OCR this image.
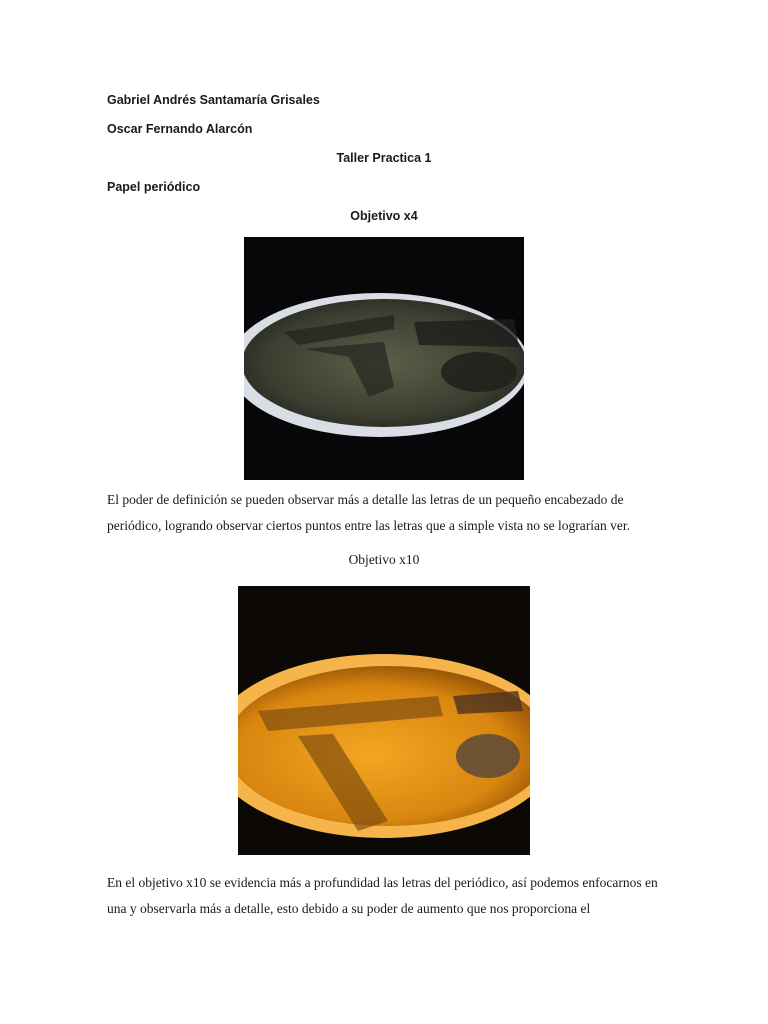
Gabriel Andrés Santamaría Grisales
Oscar Fernando Alarcón
Taller Practica 1
Papel periódico
Objetivo x4
El poder de definición se pueden observar más a detalle las letras de un pequeño encabezado de periódico, logrando observar ciertos puntos entre las letras que a simple vista no se lograrían ver.
Objetivo x10
En el objetivo x10 se evidencia más a profundidad las letras del periódico, así podemos enfocarnos en una y observarla más a detalle, esto debido a su poder de aumento que nos proporciona el
